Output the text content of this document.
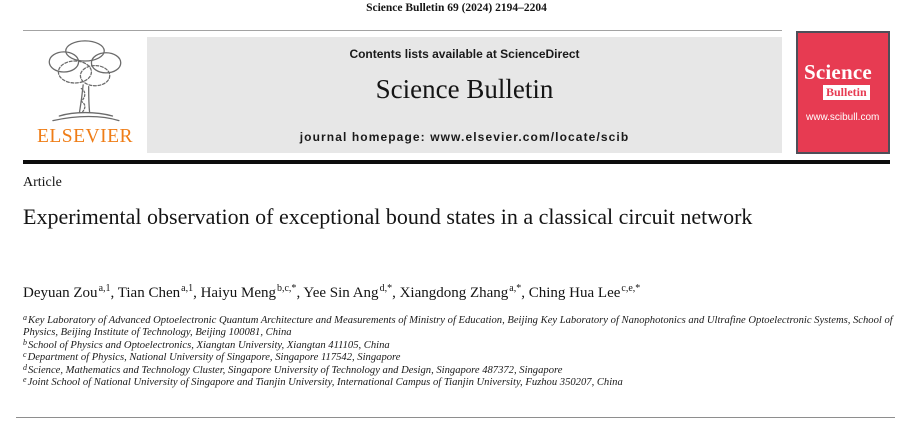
Science Bulletin 69 (2024) 2194–2204
ELSEVIER
Contents lists available at ScienceDirect
Science Bulletin
journal homepage: www.elsevier.com/locate/scib
Science
Bulletin
www.scibull.com
Article
Experimental observation of exceptional bound states in a classical circuit network
Deyuan Zou$^{a,1}$, Tian Chen$^{a,1}$, Haiyu Meng$^{b,c,*}$, Yee Sin Ang$^{d,*}$, Xiangdong Zhang$^{a,*}$, Ching Hua Lee$^{c,e,*}$
$^a$Key Laboratory of Advanced Optoelectronic Quantum Architecture and Measurements of Ministry of Education, Beijing Key Laboratory of Nanophotonics and Ultrafine Optoelectronic Systems, School of Physics, Beijing Institute of Technology, Beijing 100081, China
$^b$School of Physics and Optoelectronics, Xiangtan University, Xiangtan 411105, China
$^c$Department of Physics, National University of Singapore, Singapore 117542, Singapore
$^d$Science, Mathematics and Technology Cluster, Singapore University of Technology and Design, Singapore 487372, Singapore
$^e$Joint School of National University of Singapore and Tianjin University, International Campus of Tianjin University, Fuzhou 350207, China
